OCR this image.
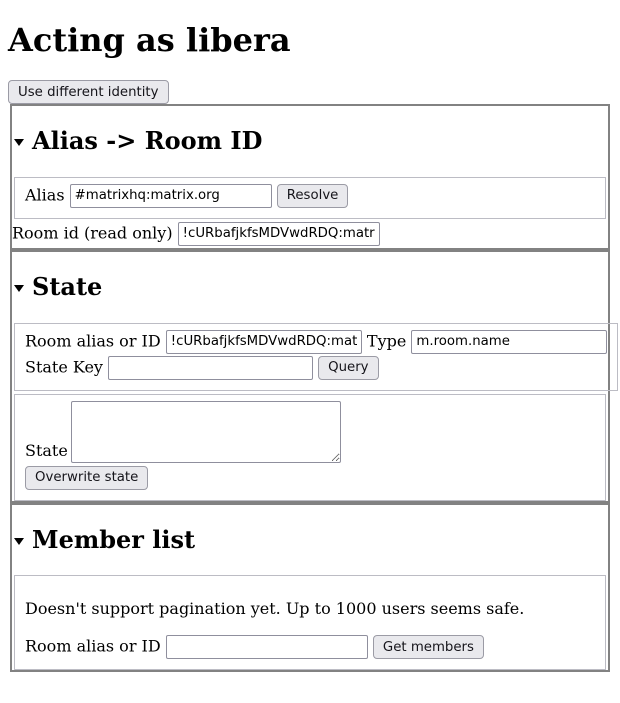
Acting as libera
Use different identity
Alias -> Room ID
Alias #matrixhq:matrix.org	Resolve
Room id (read only) !cURbafjkfsMDVwdRDQ:matrix.
State
Room alias or ID !cURbafjkfsMDVwdRDQ:matrix.	Type m.room.name
State Key	Query
State
Overwrite state
Member list

Doesn't support pagination yet. Up to 1000 users seems safe.

Room alias or ID	Get members
